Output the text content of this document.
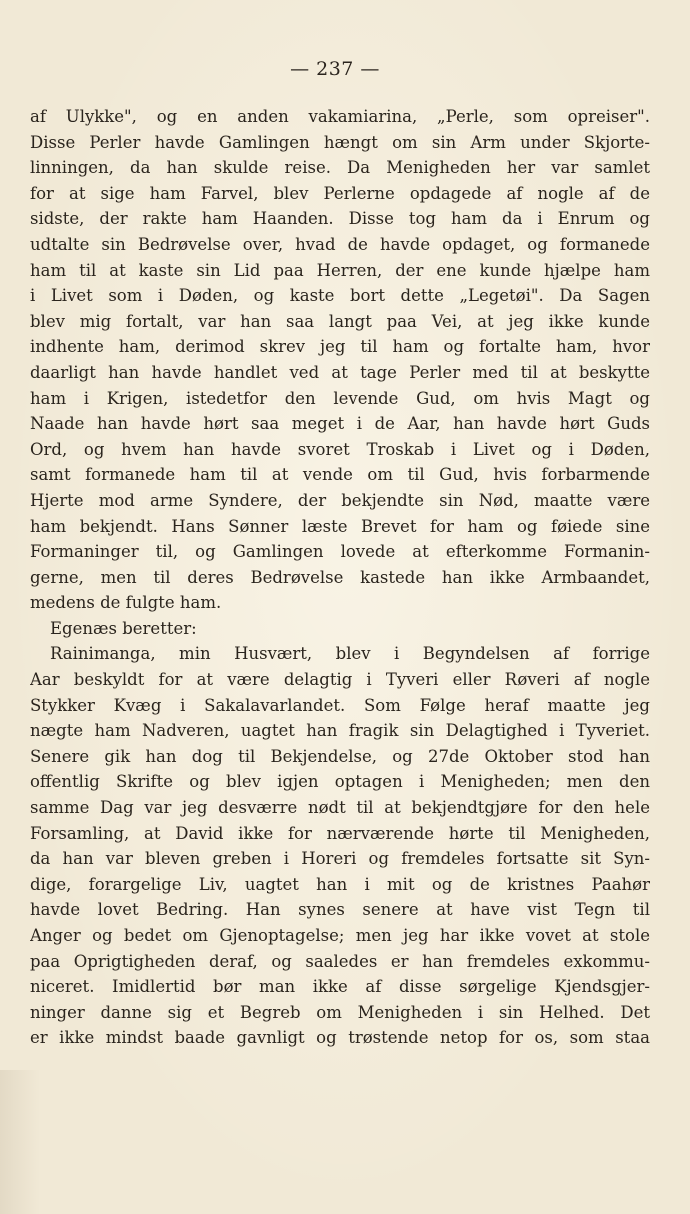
— 237 —
af Ulykke", og en anden vakamiarina, „Perle, som opreiser".
Disse Perler havde Gamlingen hængt om sin Arm under Skjorte-
linningen, da han skulde reise. Da Menigheden her var samlet
for at sige ham Farvel, blev Perlerne opdagede af nogle af de
sidste, der rakte ham Haanden. Disse tog ham da i Enrum og
udtalte sin Bedrøvelse over, hvad de havde opdaget, og formanede
ham til at kaste sin Lid paa Herren, der ene kunde hjælpe ham
i Livet som i Døden, og kaste bort dette „Legetøi". Da Sagen
blev mig fortalt, var han saa langt paa Vei, at jeg ikke kunde
indhente ham, derimod skrev jeg til ham og fortalte ham, hvor
daarligt han havde handlet ved at tage Perler med til at beskytte
ham i Krigen, istedetfor den levende Gud, om hvis Magt og
Naade han havde hørt saa meget i de Aar, han havde hørt Guds
Ord, og hvem han havde svoret Troskab i Livet og i Døden,
samt formanede ham til at vende om til Gud, hvis forbarmende
Hjerte mod arme Syndere, der bekjendte sin Nød, maatte være
ham bekjendt. Hans Sønner læste Brevet for ham og føiede sine
Formaninger til, og Gamlingen lovede at efterkomme Formanin-
gerne, men til deres Bedrøvelse kastede han ikke Armbaandet,
medens de fulgte ham.
Egenæs beretter:
Rainimanga, min Husvært, blev i Begyndelsen af forrige
Aar beskyldt for at være delagtig i Tyveri eller Røveri af nogle
Stykker Kvæg i Sakalavarlandet. Som Følge heraf maatte jeg
nægte ham Nadveren, uagtet han fragik sin Delagtighed i Tyveriet.
Senere gik han dog til Bekjendelse, og 27de Oktober stod han
offentlig Skrifte og blev igjen optagen i Menigheden; men den
samme Dag var jeg desværre nødt til at bekjendtgjøre for den hele
Forsamling, at David ikke for nærværende hørte til Menigheden,
da han var bleven greben i Horeri og fremdeles fortsatte sit Syn-
dige, forargelige Liv, uagtet han i mit og de kristnes Paahør
havde lovet Bedring. Han synes senere at have vist Tegn til
Anger og bedet om Gjenoptagelse; men jeg har ikke vovet at stole
paa Oprigtigheden deraf, og saaledes er han fremdeles exkommu-
niceret. Imidlertid bør man ikke af disse sørgelige Kjendsgjer-
ninger danne sig et Begreb om Menigheden i sin Helhed. Det
er ikke mindst baade gavnligt og trøstende netop for os, som staa
